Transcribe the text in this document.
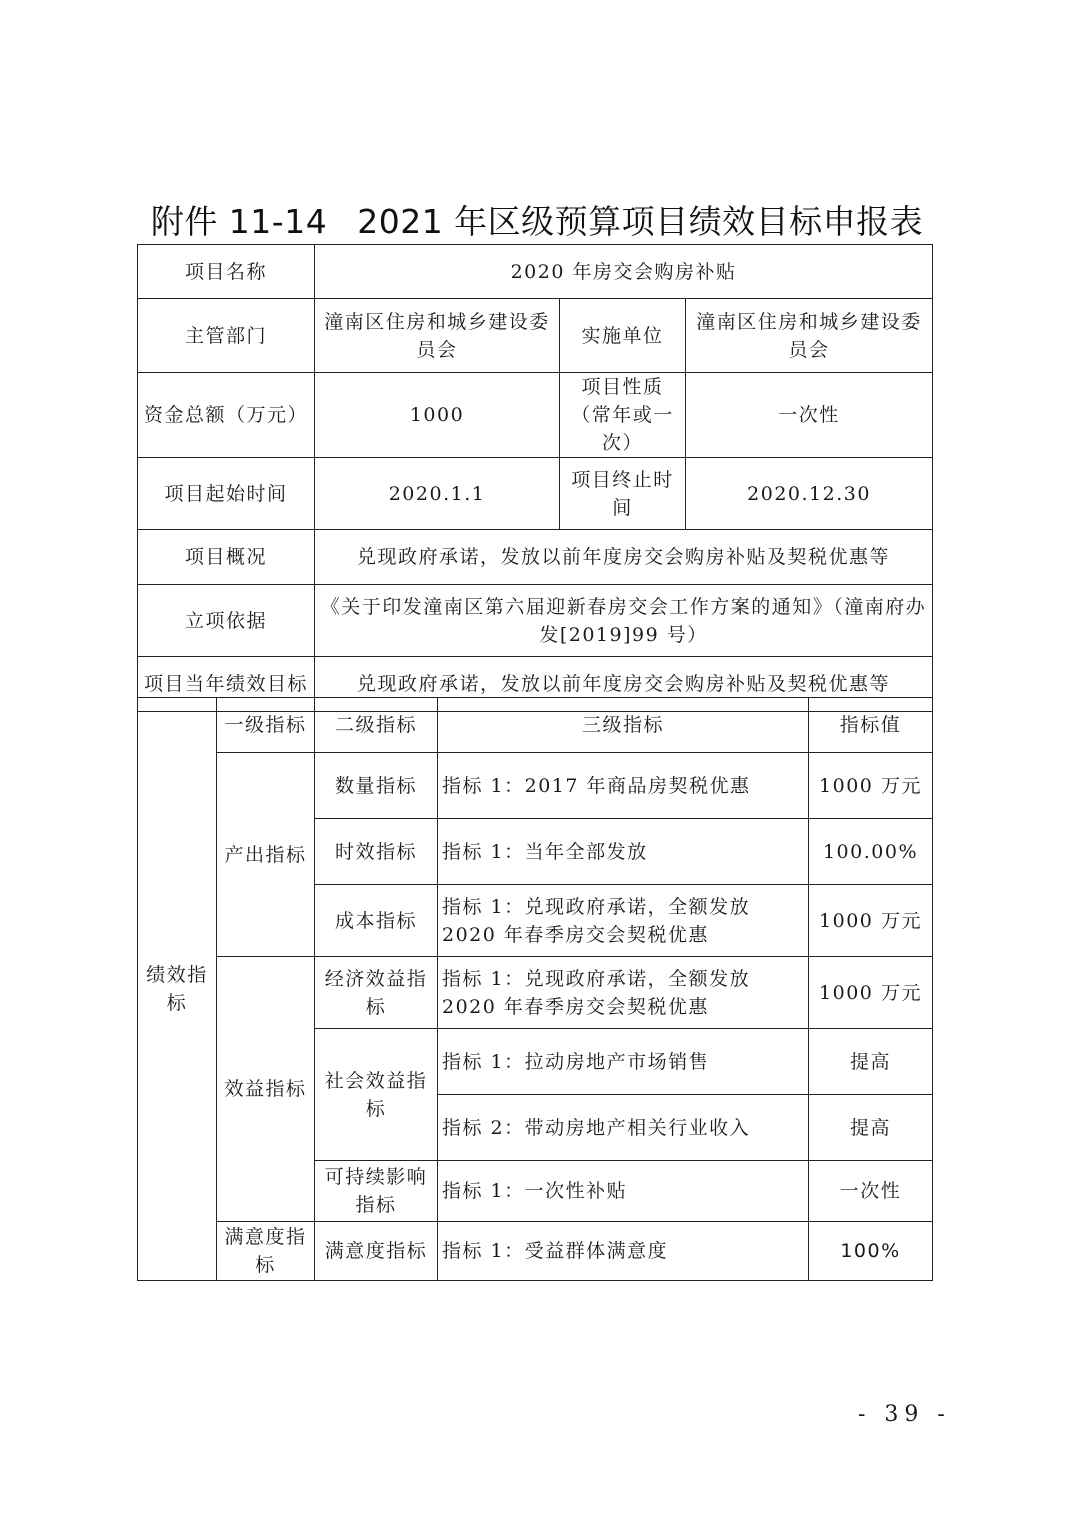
附件 11-14 2021 年区级预算项目绩效目标申报表
项目名称	2020 年房交会购房补贴		
主管部门	潼南区住房和城乡建设委员会	实施单位	潼南区住房和城乡建设委员会
资金总额（万元）	1000	项目性质（常年或一次）	一次性
项目起始时间	2020.1.1	项目终止时间	2020.12.30
项目概况	兑现政府承诺，发放以前年度房交会购房补贴及契税优惠等		
立项依据	《关于印发潼南区第六届迎新春房交会工作方案的通知》（潼南府办发[2019]99 号）		
项目当年绩效目标	兑现政府承诺，发放以前年度房交会购房补贴及契税优惠等		
绩效指标	一级指标	二级指标	三级指标	指标值
	产出指标	数量指标	指标 1：2017 年商品房契税优惠	1000 万元
		时效指标	指标 1：当年全部发放	100.00%
		成本指标	指标 1：兑现政府承诺，全额发放 2020 年春季房交会契税优惠	1000 万元
	效益指标	经济效益指标	指标 1：兑现政府承诺，全额发放 2020 年春季房交会契税优惠	1000 万元
		社会效益指标	指标 1：拉动房地产市场销售	提高
			指标 2：带动房地产相关行业收入	提高
		可持续影响指标	指标 1：一次性补贴	一次性
	满意度指标	满意度指标	指标 1：受益群体满意度	100%
- 39 -
